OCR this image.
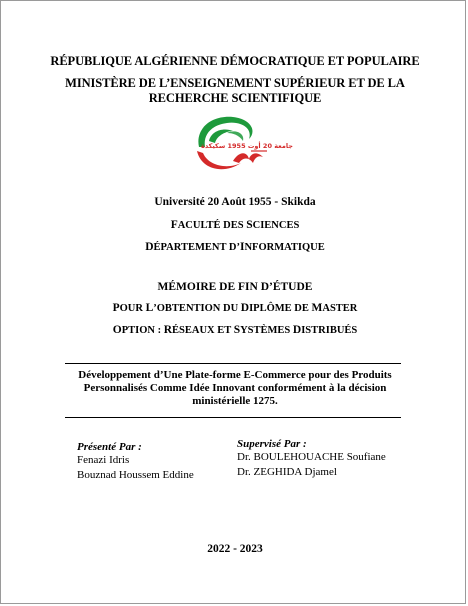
RÉPUBLIQUE ALGÉRIENNE DÉMOCRATIQUE ET POPULAIRE
MINISTÈRE DE L’ENSEIGNEMENT SUPÉRIEUR ET DE LA
RECHERCHE SCIENTIFIQUE
جامعة 20 أوت 1955 سكيكدة
Université 20 Août 1955 - Skikda
FACULTÉ DES SCIENCES
DÉPARTEMENT D’INFORMATIQUE
MÉMOIRE DE FIN D’ÉTUDE
POUR L’OBTENTION DU DIPLÔME DE MASTER
OPTION : RÉSEAUX ET SYSTÈMES DISTRIBUÉS
Développement d’Une Plate-forme E-Commerce pour des Produits
Personnalisés Comme Idée Innovant conformément à la décision
ministérielle 1275.
Présenté Par :
Fenazi Idris
Bouznad Houssem Eddine
Supervisé Par :
Dr. BOULEHOUACHE Soufiane
Dr. ZEGHIDA Djamel
2022 - 2023
